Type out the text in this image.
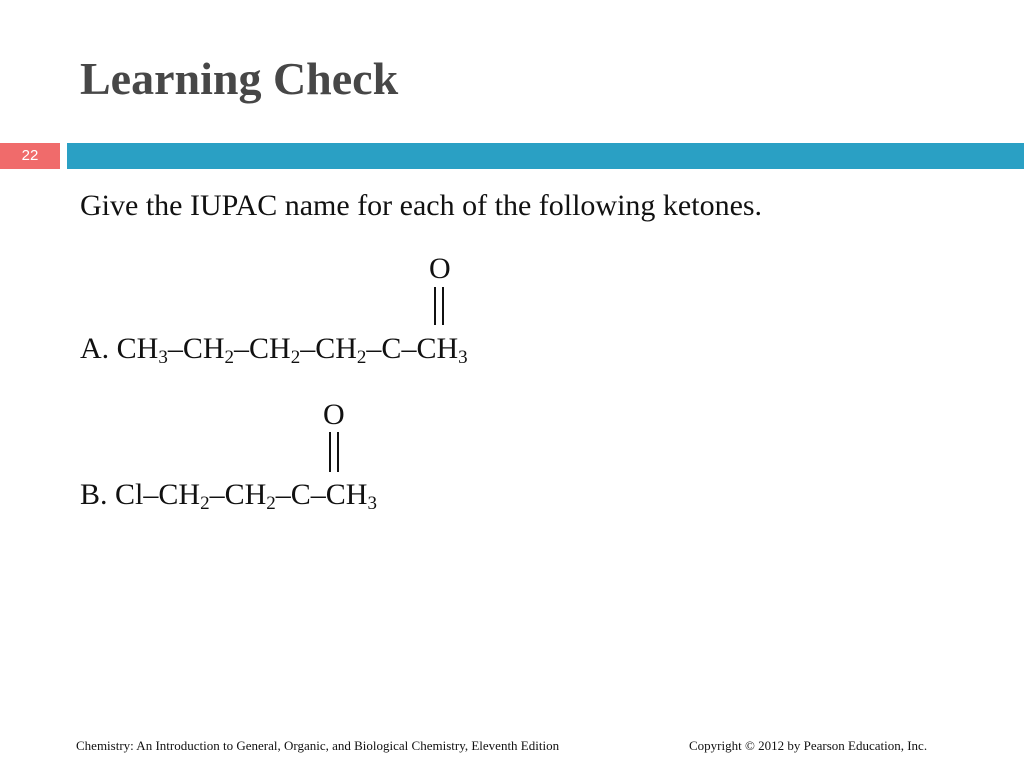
Learning Check
22
Give the IUPAC name for each of the following ketones.
O
A. $CH_3-CH_2-CH_2-CH_2-C-CH_3$
O
B. $Cl-CH_2-CH_2-C-CH_3$
Chemistry: An Introduction to General, Organic, and Biological Chemistry, Eleventh Edition	Copyright © 2012 by Pearson Education, Inc.
